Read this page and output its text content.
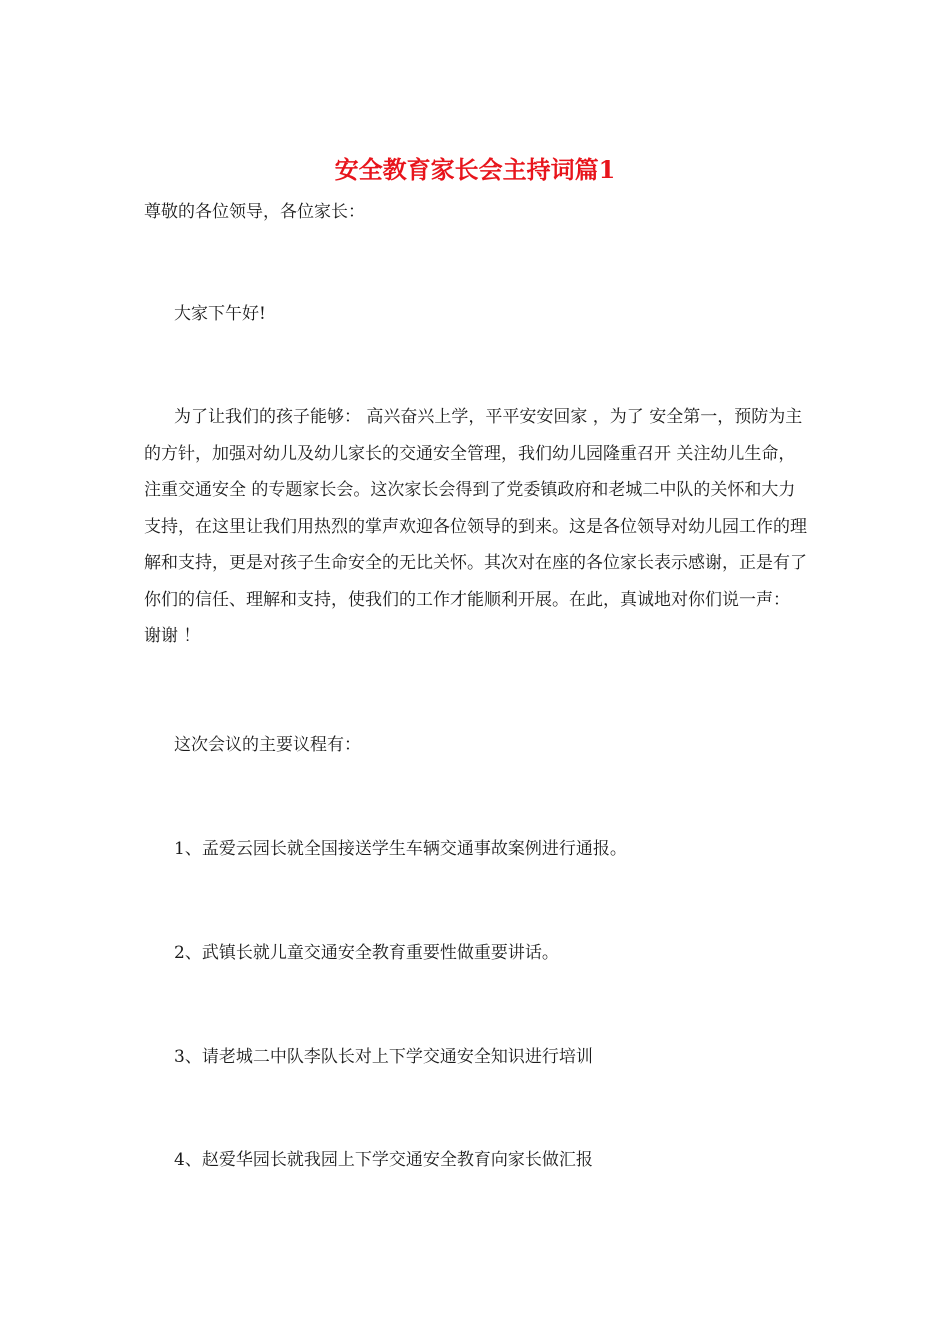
安全教育家长会主持词篇1

尊敬的各位领导，各位家长：

大家下午好!

为了让我们的孩子能够： 高兴奋兴上学，平平安安回家 ，为了 安全第一，预防为主 的方针，加强对幼儿及幼儿家长的交通安全管理，我们幼儿园隆重召开 关注幼儿生命，注重交通安全 的专题家长会。这次家长会得到了党委镇政府和老城二中队的关怀和大力支持，在这里让我们用热烈的掌声欢迎各位领导的到来。这是各位领导对幼儿园工作的理解和支持，更是对孩子生命安全的无比关怀。其次对在座的各位家长表示感谢，正是有了你们的信任、理解和支持，使我们的工作才能顺利开展。在此，真诚地对你们说一声： 谢谢 ！

这次会议的主要议程有：

1、孟爱云园长就全国接送学生车辆交通事故案例进行通报。

2、武镇长就儿童交通安全教育重要性做重要讲话。

3、请老城二中队李队长对上下学交通安全知识进行培训

4、赵爱华园长就我园上下学交通安全教育向家长做汇报
